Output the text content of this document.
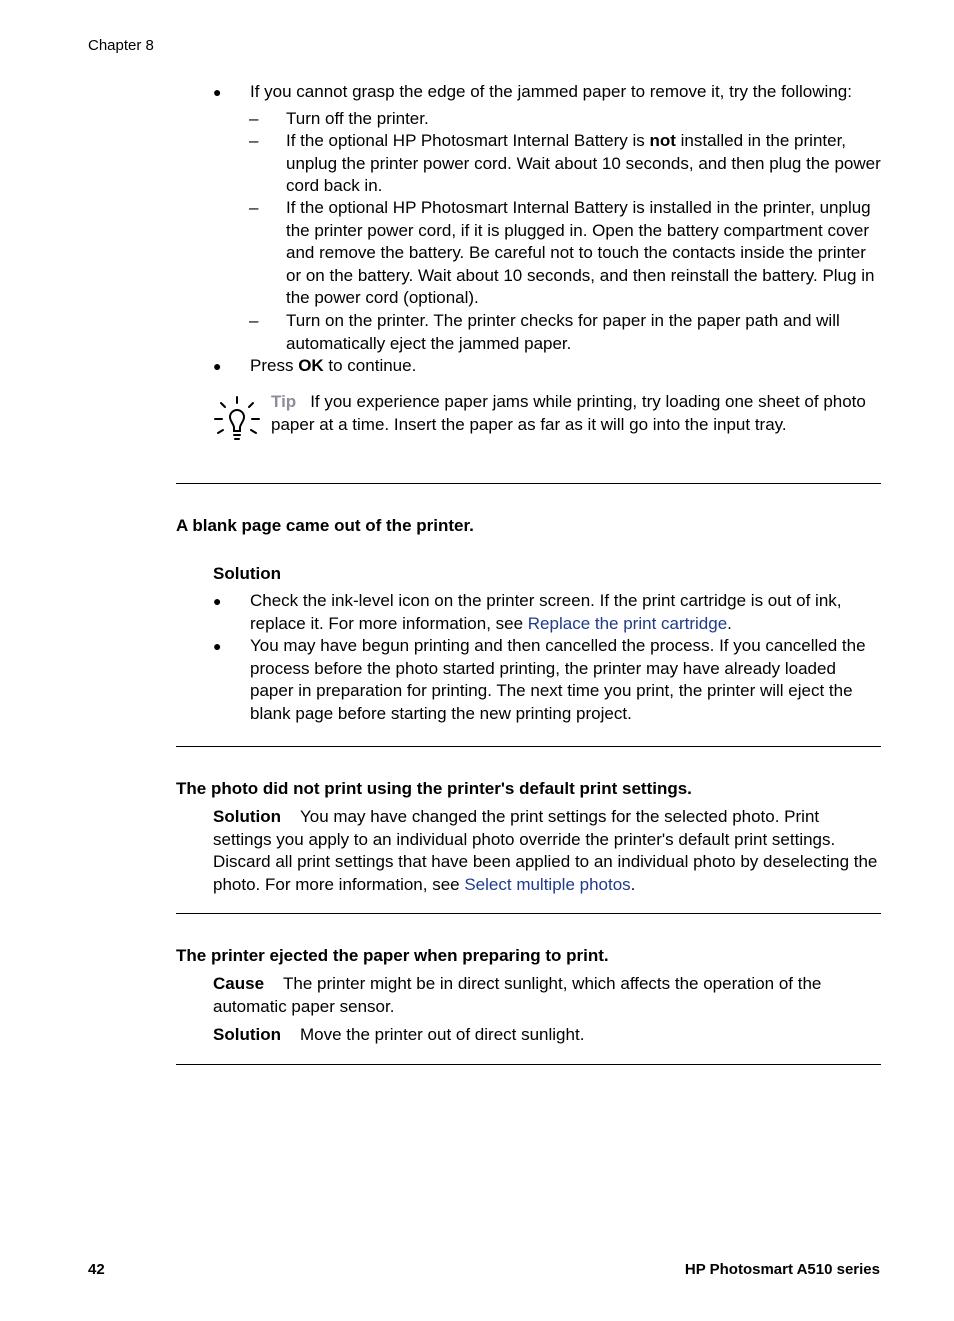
Chapter 8
● If you cannot grasp the edge of the jammed paper to remove it, try the following:
– Turn off the printer.
– If the optional HP Photosmart Internal Battery is not installed in the printer, unplug the printer power cord. Wait about 10 seconds, and then plug the power cord back in.
– If the optional HP Photosmart Internal Battery is installed in the printer, unplug the printer power cord, if it is plugged in. Open the battery compartment cover and remove the battery. Be careful not to touch the contacts inside the printer or on the battery. Wait about 10 seconds, and then reinstall the battery. Plug in the power cord (optional).
– Turn on the printer. The printer checks for paper in the paper path and will automatically eject the jammed paper.
● Press OK to continue.
Tip If you experience paper jams while printing, try loading one sheet of photo paper at a time. Insert the paper as far as it will go into the input tray.
A blank page came out of the printer.
Solution
● Check the ink-level icon on the printer screen. If the print cartridge is out of ink, replace it. For more information, see Replace the print cartridge.
● You may have begun printing and then cancelled the process. If you cancelled the process before the photo started printing, the printer may have already loaded paper in preparation for printing. The next time you print, the printer will eject the blank page before starting the new printing project.
The photo did not print using the printer's default print settings.
Solution You may have changed the print settings for the selected photo. Print settings you apply to an individual photo override the printer's default print settings. Discard all print settings that have been applied to an individual photo by deselecting the photo. For more information, see Select multiple photos.
The printer ejected the paper when preparing to print.
Cause The printer might be in direct sunlight, which affects the operation of the automatic paper sensor.
Solution Move the printer out of direct sunlight.
42	HP Photosmart A510 series
